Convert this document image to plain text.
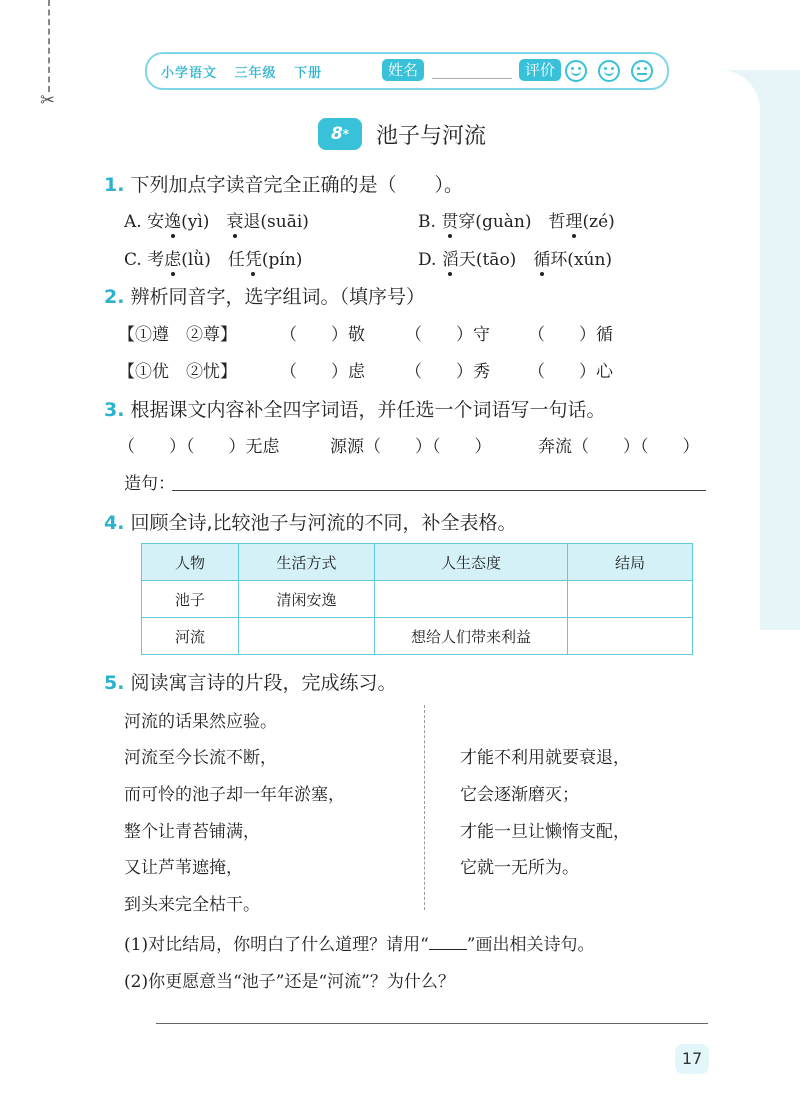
✂
小学语文 三年级 下册	姓名	评价

8 * 池子与河流
1. 下列加点字读音完全正确的是（　　）。
A. 安逸(yì)　 衰退(suāi)	B. 贯穿(guàn)　 哲理(zé)
C. 考虑(lǜ)　 任凭(pín)	D. 滔天(tāo)　 循环(xún)
2. 辨析同音字，选字组词。（填序号）
【①遵　②尊】	（　　）敬 （　　）守 （　　）循
【①优　②忧】	（　　）虑 （　　）秀 （　　）心
3. 根据课文内容补全四字词语，并任选一个词语写一句话。
（　　）（　　）无虑	源源（　　）（　　）	奔流（　　）（　　）
造句：
4. 回顾全诗,比较池子与河流的不同，补全表格。
人物	生活方式	人生态度	结局
池子	清闲安逸		
河流		想给人们带来利益	
5. 阅读寓言诗的片段，完成练习。
河流的话果然应验。
河流至今长流不断，
而可怜的池子却一年年淤塞，
整个让青苔铺满，
又让芦苇遮掩，
到头来完全枯干。
才能不利用就要衰退，
它会逐渐磨灭；
才能一旦让懒惰支配，
它就一无所为。
(1)对比结局，你明白了什么道理？请用“ ”画出相关诗句。
(2)你更愿意当“池子”还是“河流”？为什么？
17
